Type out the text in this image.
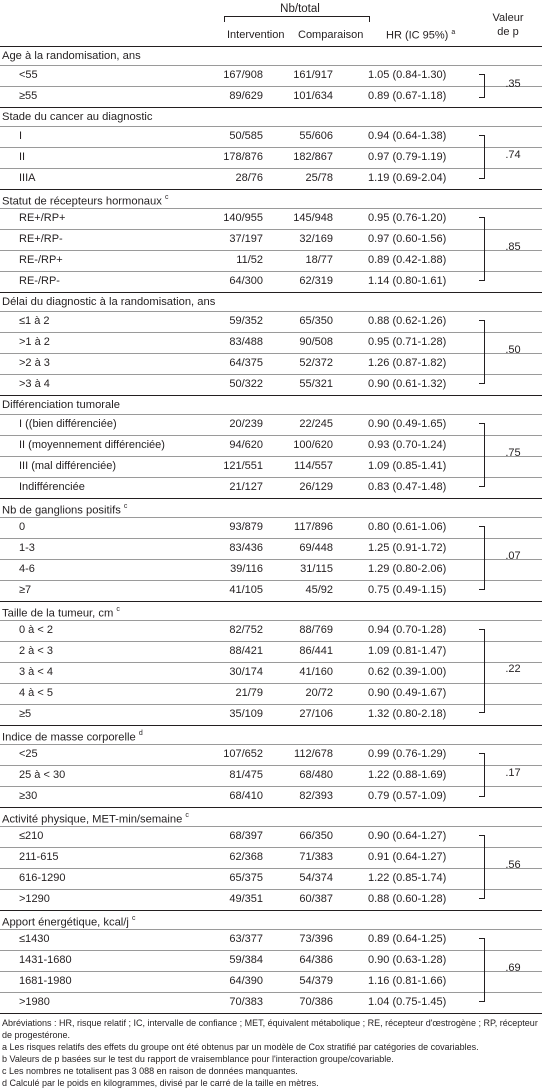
Nb/total
Intervention Comparaison HR (IC 95%) $^a$
Valeur
de p
Age à la randomisation, ans
<55	167/908	161/917	1.05 (0.84-1.30)
≥55	89/629	101/634	0.89 (0.67-1.18)
.35
Stade du cancer au diagnostic
I	50/585	55/606	0.94 (0.64-1.38)
II	178/876	182/867	0.97 (0.79-1.19)
IIIA	28/76	25/78	1.19 (0.69-2.04)
.74
Statut de récepteurs hormonaux $^c$
RE+/RP+	140/955	145/948	0.95 (0.76-1.20)
RE+/RP-	37/197	32/169	0.97 (0.60-1.56)
RE-/RP+	11/52	18/77	0.89 (0.42-1.88)
RE-/RP-	64/300	62/319	1.14 (0.80-1.61)
.85
Délai du diagnostic à la randomisation, ans
≤1 à 2	59/352	65/350	0.88 (0.62-1.26)
>1 à 2	83/488	90/508	0.95 (0.71-1.28)
>2 à 3	64/375	52/372	1.26 (0.87-1.82)
>3 à 4	50/322	55/321	0.90 (0.61-1.32)
.50
Différenciation tumorale
I ((bien différenciée)	20/239	22/245	0.90 (0.49-1.65)
II (moyennement différenciée)	94/620	100/620	0.93 (0.70-1.24)
III (mal différenciée)	121/551	114/557	1.09 (0.85-1.41)
Indifférenciée	21/127	26/129	0.83 (0.47-1.48)
.75
Nb de ganglions positifs $^c$
0	93/879	117/896	0.80 (0.61-1.06)
1-3	83/436	69/448	1.25 (0.91-1.72)
4-6	39/116	31/115	1.29 (0.80-2.06)
≥7	41/105	45/92	0.75 (0.49-1.15)
.07
Taille de la tumeur, cm $^c$
0 à < 2	82/752	88/769	0.94 (0.70-1.28)
2 à < 3	88/421	86/441	1.09 (0.81-1.47)
3 à < 4	30/174	41/160	0.62 (0.39-1.00)
4 à < 5	21/79	20/72	0.90 (0.49-1.67)
≥5	35/109	27/106	1.32 (0.80-2.18)
.22
Indice de masse corporelle $^d$
<25	107/652	112/678	0.99 (0.76-1.29)
25 à < 30	81/475	68/480	1.22 (0.88-1.69)
≥30	68/410	82/393	0.79 (0.57-1.09)
.17
Activité physique, MET-min/semaine $^c$
≤210	68/397	66/350	0.90 (0.64-1.27)
211-615	62/368	71/383	0.91 (0.64-1.27)
616-1290	65/375	54/374	1.22 (0.85-1.74)
>1290	49/351	60/387	0.88 (0.60-1.28)
.56
Apport énergétique, kcal/j $^c$
≤1430	63/377	73/396	0.89 (0.64-1.25)
1431-1680	59/384	64/386	0.90 (0.63-1.28)
1681-1980	64/390	54/379	1.16 (0.81-1.66)
>1980	70/383	70/386	1.04 (0.75-1.45)
.69
Abréviations : HR, risque relatif ; IC, intervalle de confiance ; MET, équivalent métabolique ; RE, récepteur d'œstrogène ; RP, récepteur de progestérone.
a Les risques relatifs des effets du groupe ont été obtenus par un modèle de Cox stratifié par catégories de covariables.
b Valeurs de p basées sur le test du rapport de vraisemblance pour l'interaction groupe/covariable.
c Les nombres ne totalisent pas 3 088 en raison de données manquantes.
d Calculé par le poids en kilogrammes, divisé par le carré de la taille en mètres.
